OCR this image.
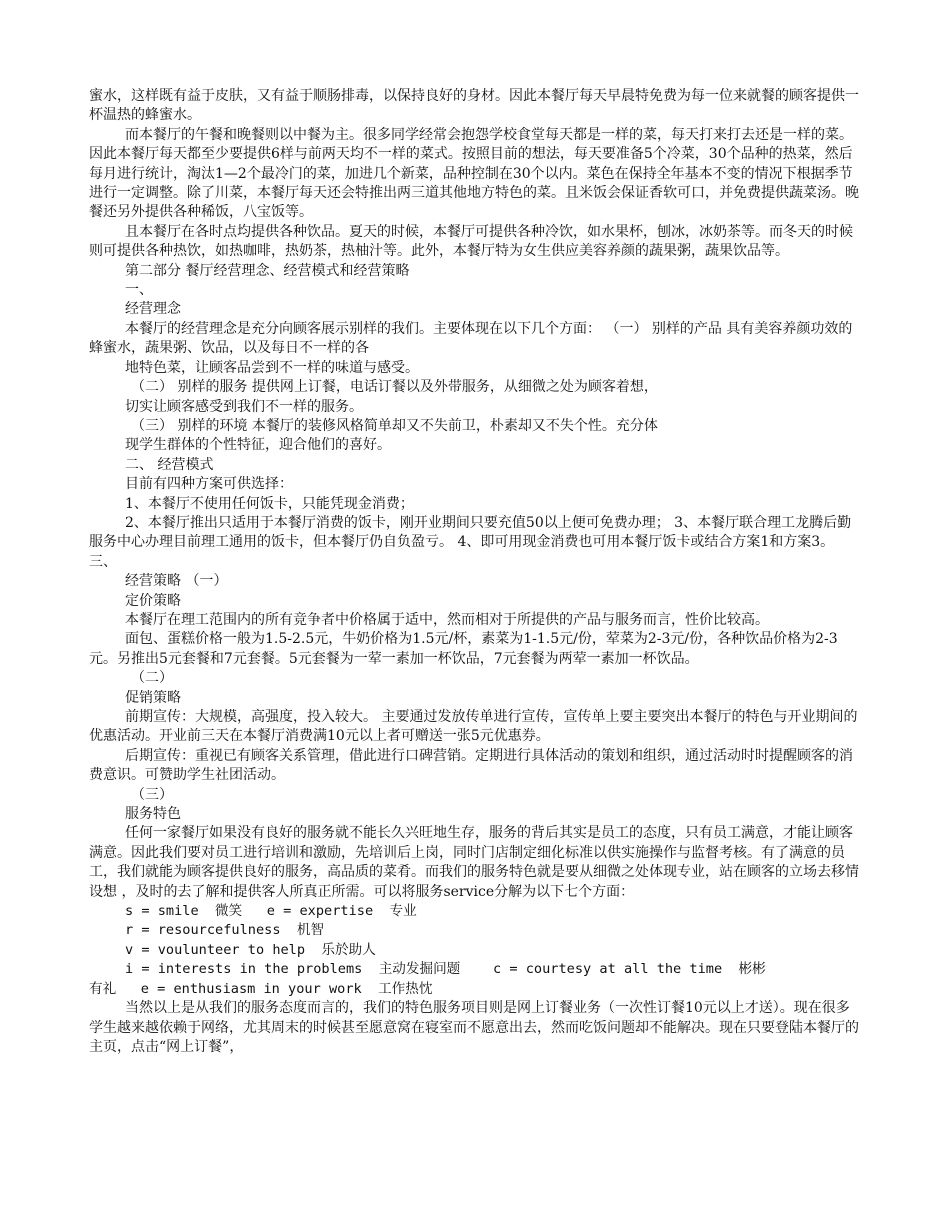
蜜水，这样既有益于皮肤，又有益于顺肠排毒，以保持良好的身材。因此本餐厅每天早晨特免费为每一位来就餐的顾客提供一杯温热的蜂蜜水。

而本餐厅的午餐和晚餐则以中餐为主。很多同学经常会抱怨学校食堂每天都是一样的菜，每天打来打去还是一样的菜。因此本餐厅每天都至少要提供6样与前两天均不一样的菜式。按照目前的想法，每天要准备5个冷菜，30个品种的热菜，然后每月进行统计，淘汰1—2个最冷门的菜，加进几个新菜，品种控制在30个以内。菜色在保持全年基本不变的情况下根据季节进行一定调整。除了川菜，本餐厅每天还会特推出两三道其他地方特色的菜。且米饭会保证香软可口，并免费提供蔬菜汤。晚餐还另外提供各种稀饭，八宝饭等。

且本餐厅在各时点均提供各种饮品。夏天的时候，本餐厅可提供各种冷饮，如水果杯，刨冰，冰奶茶等。而冬天的时候则可提供各种热饮，如热咖啡，热奶茶，热柚汁等。此外，本餐厅特为女生供应美容养颜的蔬果粥，蔬果饮品等。

第二部分 餐厅经营理念、经营模式和经营策略

一、

经营理念

本餐厅的经营理念是充分向顾客展示别样的我们。主要体现在以下几个方面： （一） 别样的产品 具有美容养颜功效的蜂蜜水，蔬果粥、饮品，以及每日不一样的各

地特色菜，让顾客品尝到不一样的味道与感受。

（二） 别样的服务 提供网上订餐，电话订餐以及外带服务，从细微之处为顾客着想，

切实让顾客感受到我们不一样的服务。

（三） 别样的环境 本餐厅的装修风格简单却又不失前卫，朴素却又不失个性。充分体

现学生群体的个性特征，迎合他们的喜好。

二、 经营模式

目前有四种方案可供选择：

1、本餐厅不使用任何饭卡，只能凭现金消费；

2、本餐厅推出只适用于本餐厅消费的饭卡，刚开业期间只要充值50以上便可免费办理； 3、本餐厅联合理工龙腾后勤服务中心办理目前理工通用的饭卡，但本餐厅仍自负盈亏。 4、即可用现金消费也可用本餐厅饭卡或结合方案1和方案3。 三、

经营策略 （一）

定价策略

本餐厅在理工范围内的所有竞争者中价格属于适中，然而相对于所提供的产品与服务而言，性价比较高。

面包、蛋糕价格一般为1.5-2.5元，牛奶价格为1.5元/杯，素菜为1-1.5元/份，荤菜为2-3元/份，各种饮品价格为2-3元。另推出5元套餐和7元套餐。5元套餐为一荤一素加一杯饮品，7元套餐为两荤一素加一杯饮品。

（二）

促销策略

前期宣传：大规模，高强度，投入较大。 主要通过发放传单进行宣传，宣传单上要主要突出本餐厅的特色与开业期间的优惠活动。开业前三天在本餐厅消费满10元以上者可赠送一张5元优惠券。

后期宣传：重视已有顾客关系管理，借此进行口碑营销。定期进行具体活动的策划和组织，通过活动时时提醒顾客的消费意识。可赞助学生社团活动。

（三）

服务特色

任何一家餐厅如果没有良好的服务就不能长久兴旺地生存，服务的背后其实是员工的态度，只有员工满意，才能让顾客满意。因此我们要对员工进行培训和激励，先培训后上岗，同时门店制定细化标准以供实施操作与监督考核。有了满意的员工，我们就能为顾客提供良好的服务，高品质的菜肴。而我们的服务特色就是要从细微之处体现专业，站在顾客的立场去移情设想 ，及时的去了解和提供客人所真正所需。可以将服务service分解为以下七个方面：

s = smile  微笑   e = expertise  专业

r = resourcefulness  机智

v = voulunteer to help  乐於助人

i = interests in the problems  主动发掘问题    c = courtesy at all the time  彬彬

有礼   e = enthusiasm in your work  工作热忱

当然以上是从我们的服务态度而言的，我们的特色服务项目则是网上订餐业务（一次性订餐10元以上才送）。现在很多学生越来越依赖于网络，尤其周末的时候甚至愿意窝在寝室而不愿意出去，然而吃饭问题却不能解决。现在只要登陆本餐厅的主页，点击“网上订餐”，
